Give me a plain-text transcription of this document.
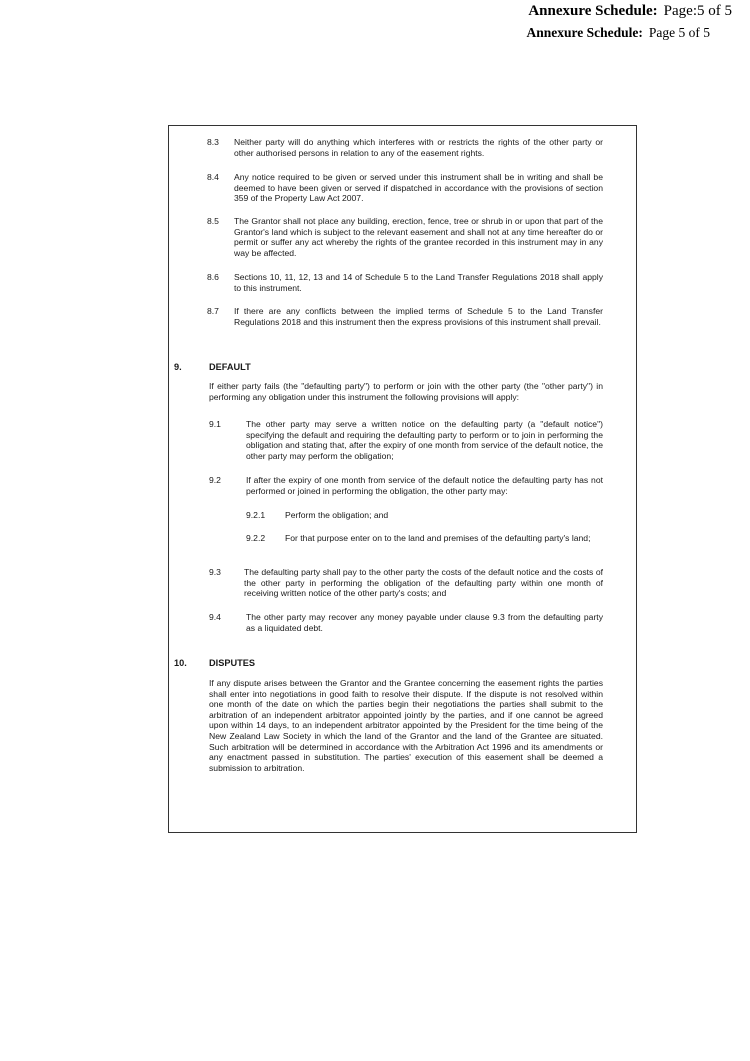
Annexure Schedule: Page:5 of 5
Annexure Schedule: Page 5 of 5
8.3 Neither party will do anything which interferes with or restricts the rights of the other party or other authorised persons in relation to any of the easement rights.
8.4 Any notice required to be given or served under this instrument shall be in writing and shall be deemed to have been given or served if dispatched in accordance with the provisions of section 359 of the Property Law Act 2007.
8.5 The Grantor shall not place any building, erection, fence, tree or shrub in or upon that part of the Grantor's land which is subject to the relevant easement and shall not at any time hereafter do or permit or suffer any act whereby the rights of the grantee recorded in this instrument may in any way be affected.
8.6 Sections 10, 11, 12, 13 and 14 of Schedule 5 to the Land Transfer Regulations 2018 shall apply to this instrument.
8.7 If there are any conflicts between the implied terms of Schedule 5 to the Land Transfer Regulations 2018 and this instrument then the express provisions of this instrument shall prevail.
9.	DEFAULT
If either party fails (the "defaulting party") to perform or join with the other party (the "other party") in performing any obligation under this instrument the following provisions will apply:
9.1	The other party may serve a written notice on the defaulting party (a "default notice") specifying the default and requiring the defaulting party to perform or to join in performing the obligation and stating that, after the expiry of one month from service of the default notice, the other party may perform the obligation;
9.2	If after the expiry of one month from service of the default notice the defaulting party has not performed or joined in performing the obligation, the other party may:
9.2.1 Perform the obligation; and
9.2.2 For that purpose enter on to the land and premises of the defaulting party's land;
9.3	The defaulting party shall pay to the other party the costs of the default notice and the costs of the other party in performing the obligation of the defaulting party within one month of receiving written notice of the other party's costs; and
9.4	The other party may recover any money payable under clause 9.3 from the defaulting party as a liquidated debt.
10. DISPUTES
If any dispute arises between the Grantor and the Grantee concerning the easement rights the parties shall enter into negotiations in good faith to resolve their dispute. If the dispute is not resolved within one month of the date on which the parties begin their negotiations the parties shall submit to the arbitration of an independent arbitrator appointed jointly by the parties, and if one cannot be agreed upon within 14 days, to an independent arbitrator appointed by the President for the time being of the New Zealand Law Society in which the land of the Grantor and the land of the Grantee are situated. Such arbitration will be determined in accordance with the Arbitration Act 1996 and its amendments or any enactment passed in substitution. The parties' execution of this easement shall be deemed a submission to arbitration.
